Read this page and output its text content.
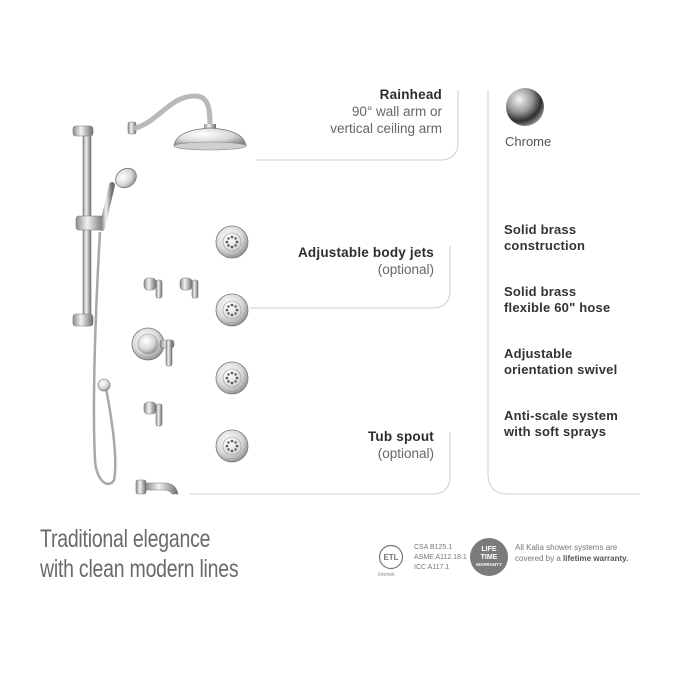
Rainhead
90° wall arm or
vertical ceiling arm
Adjustable body jets
(optional)
Tub spout
(optional)
Chrome
Solid brass
construction
Solid brass
flexible 60" hose
Adjustable
orientation swivel
Anti-scale system
with soft sprays
Traditional elegance
with clean modern lines	ETL
Intertek
CSA B125.1
ASME A112.18.1
ICC A117.1
LIFE
TIME
WARRANTY
All Kalia shower systems are covered by a lifetime warranty.
